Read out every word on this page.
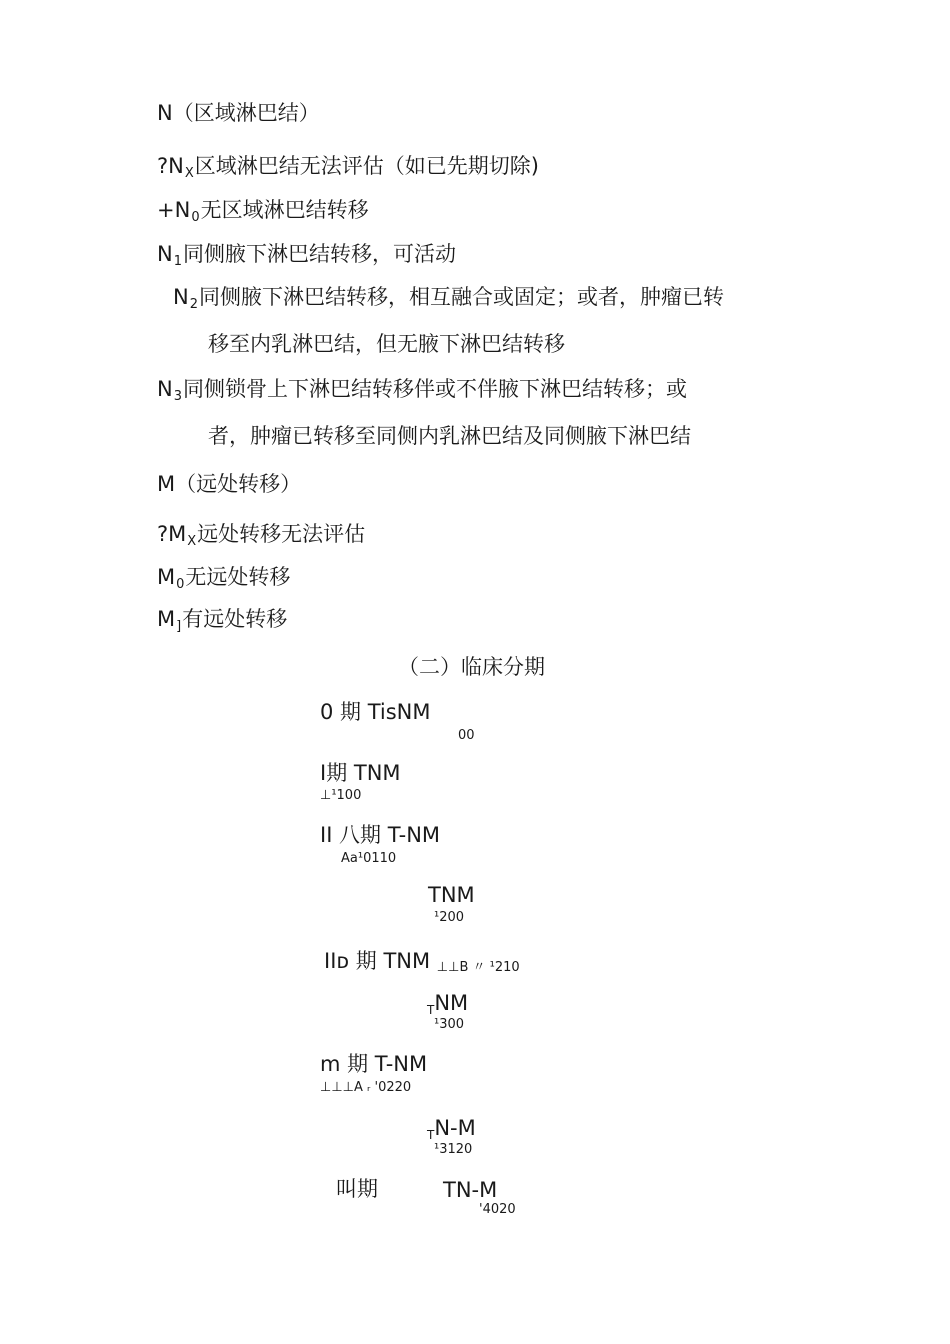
N（区域淋巴结）
$?N_X$区域淋巴结无法评估（如已先期切除)
$+N_0$无区域淋巴结转移
$N_1$同侧腋下淋巴结转移，可活动
$N_2$同侧腋下淋巴结转移，相互融合或固定；或者，肿瘤已转
移至内乳淋巴结，但无腋下淋巴结转移
$N_3$同侧锁骨上下淋巴结转移伴或不伴腋下淋巴结转移；或
者，肿瘤已转移至同侧内乳淋巴结及同侧腋下淋巴结
M（远处转移）
$?M_X$远处转移无法评估
$M_0$无远处转移
$M_]$有远处转移
（二）临床分期
0 期 TisNM
00
Ⅰ期 TNM
⊥¹100
II 八期 T-NM
Aa¹0110
TNM
¹200
IIᴅ 期 TNM ⊥⊥B 〃 ¹210
TNM
¹300
m 期 T-NM
⊥⊥⊥A ᵣ '0220
TN-M
¹3120
叫期	TN-M
'4020
